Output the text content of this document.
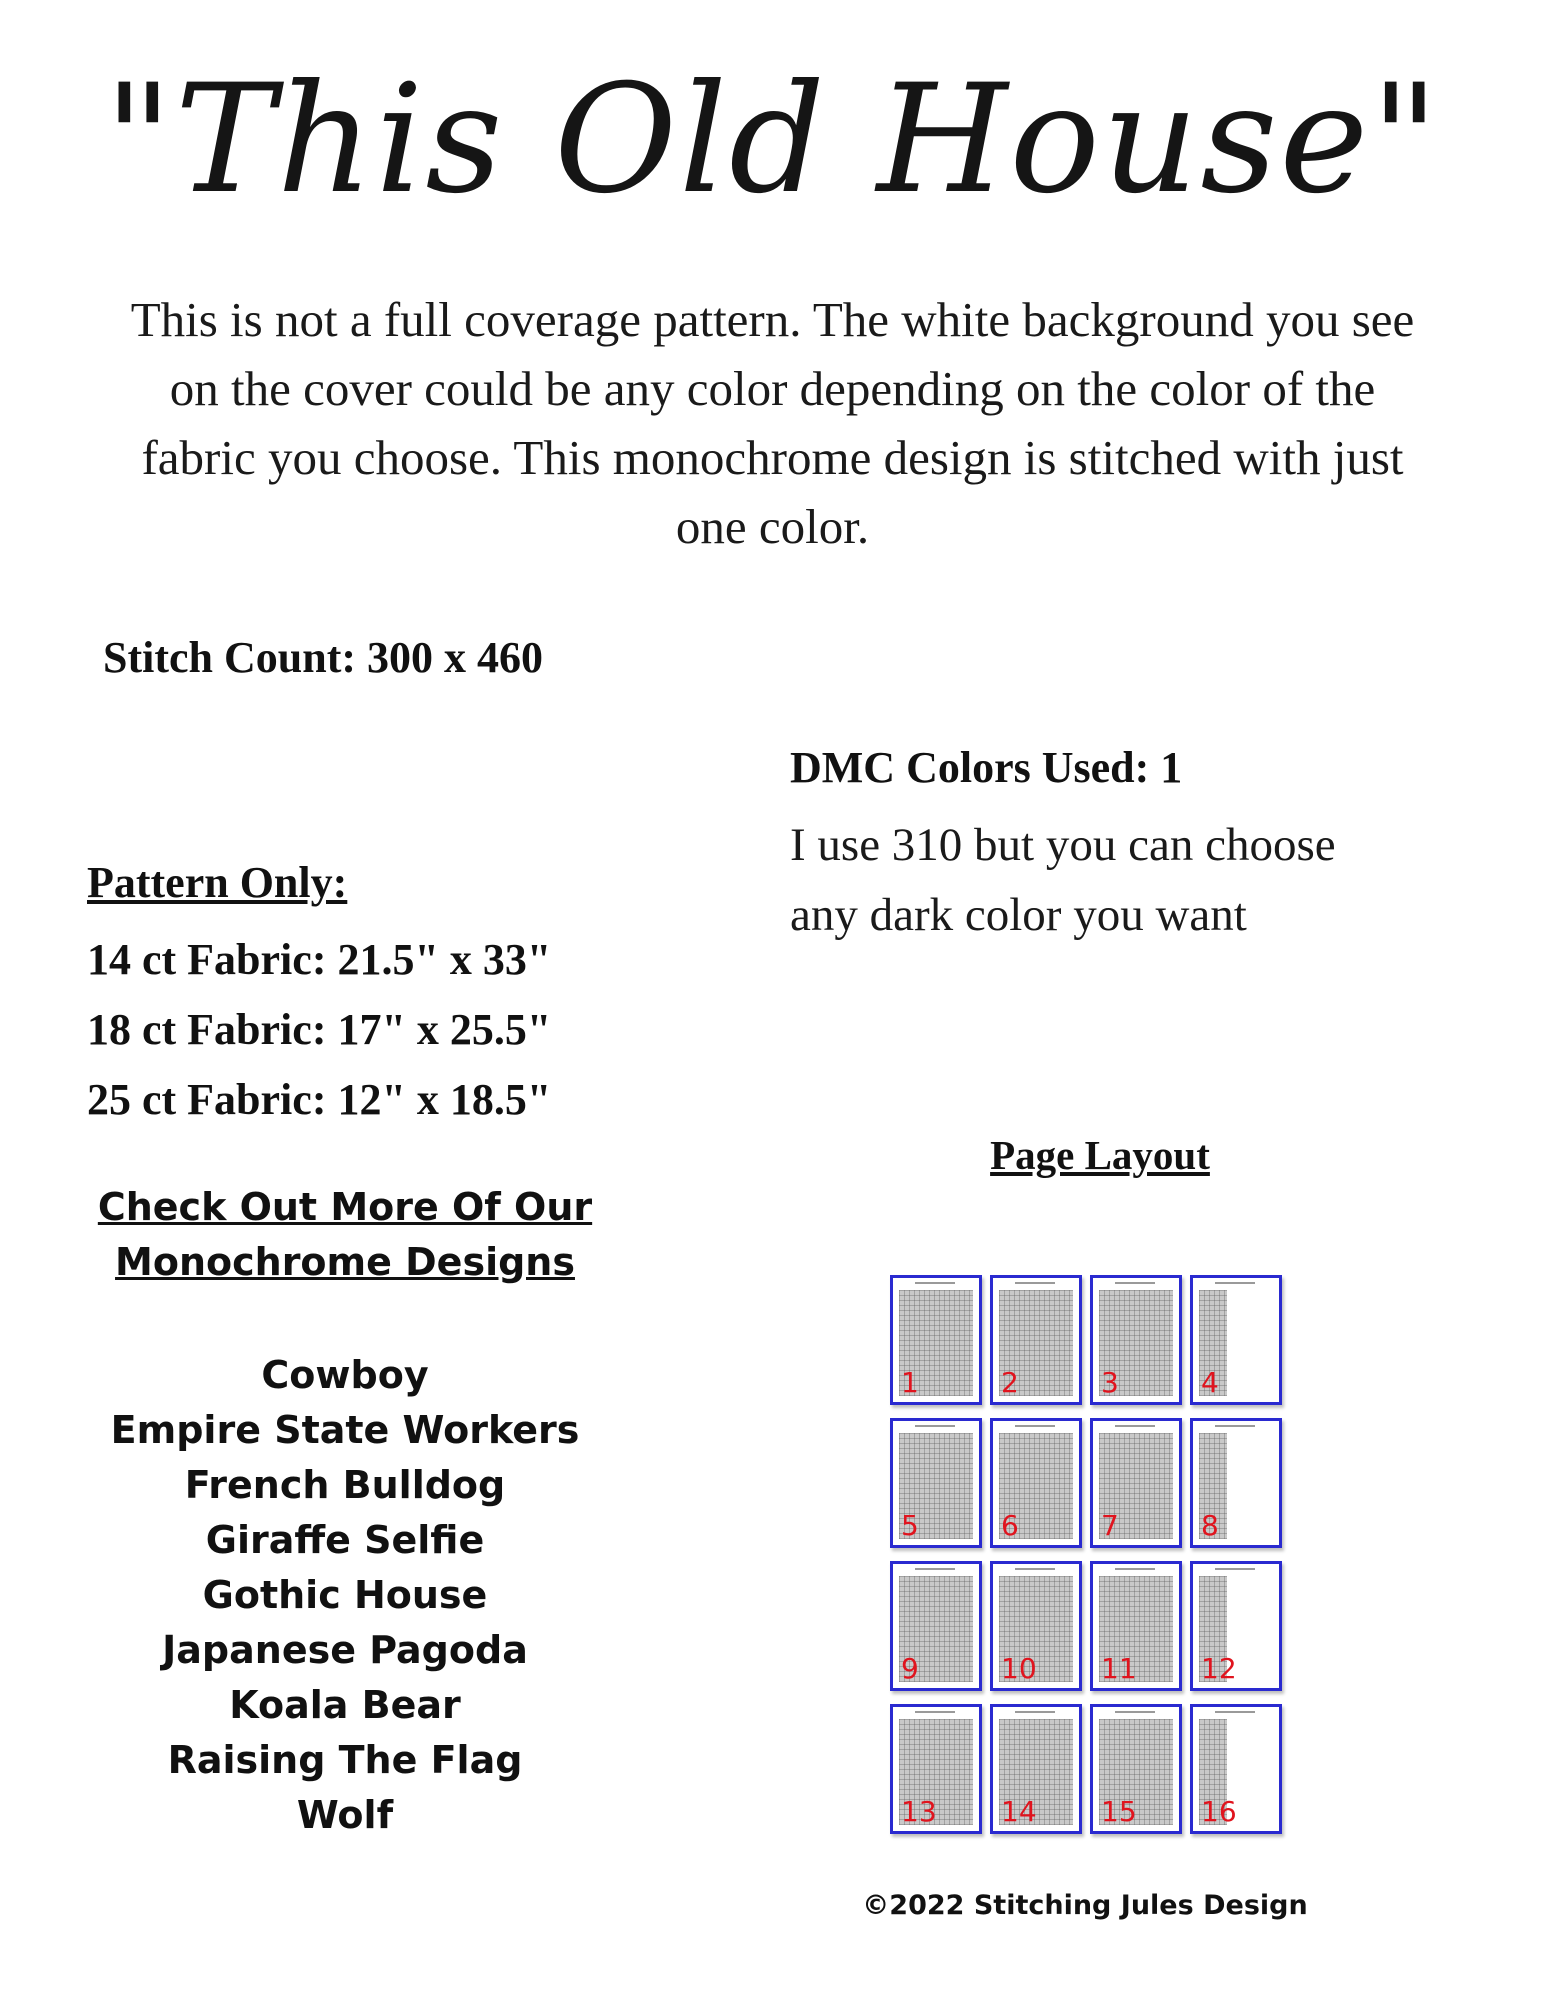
"This Old House"
This is not a full coverage pattern. The white background you see on the cover could be any color depending on the color of the fabric you choose. This monochrome design is stitched with just one color.
Stitch Count: 300 x 460
DMC Colors Used: 1
I use 310 but you can choose any dark color you want
Pattern Only:
14 ct Fabric: 21.5" x 33"
18 ct Fabric: 17" x 25.5"
25 ct Fabric: 12" x 18.5"
Check Out More Of Our Monochrome Designs
Cowboy
Empire State Workers
French Bulldog
Giraffe Selfie
Gothic House
Japanese Pagoda
Koala Bear
Raising The Flag
Wolf
Page Layout
1	2	3	4
5	6	7	8
9	10 11 12
13 14 15 16
©2022 Stitching Jules Design
